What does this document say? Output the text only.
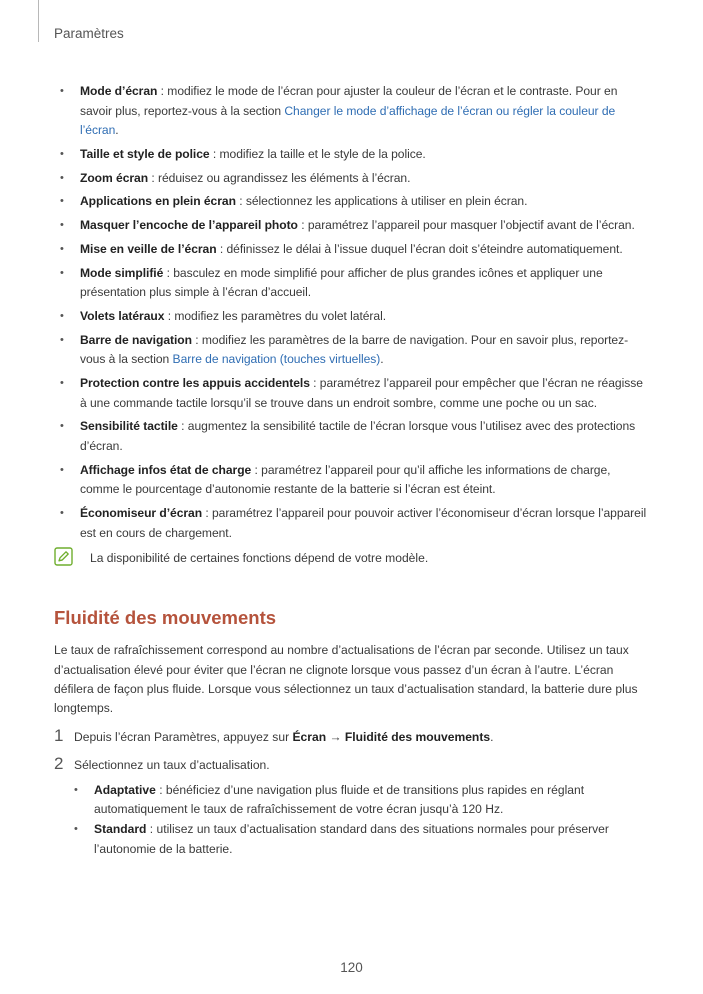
Paramètres
• Mode d’écran : modifiez le mode de l’écran pour ajuster la couleur de l’écran et le contraste. Pour en savoir plus, reportez-vous à la section Changer le mode d’affichage de l’écran ou régler la couleur de l’écran.
• Taille et style de police : modifiez la taille et le style de la police.
• Zoom écran : réduisez ou agrandissez les éléments à l’écran.
• Applications en plein écran : sélectionnez les applications à utiliser en plein écran.
• Masquer l’encoche de l’appareil photo : paramétrez l’appareil pour masquer l’objectif avant de l’écran.
• Mise en veille de l’écran : définissez le délai à l’issue duquel l’écran doit s’éteindre automatiquement.
• Mode simplifié : basculez en mode simplifié pour afficher de plus grandes icônes et appliquer une présentation plus simple à l’écran d’accueil.
• Volets latéraux : modifiez les paramètres du volet latéral.
• Barre de navigation : modifiez les paramètres de la barre de navigation. Pour en savoir plus, reportez-vous à la section Barre de navigation (touches virtuelles).
• Protection contre les appuis accidentels : paramétrez l’appareil pour empêcher que l’écran ne réagisse à une commande tactile lorsqu’il se trouve dans un endroit sombre, comme une poche ou un sac.
• Sensibilité tactile : augmentez la sensibilité tactile de l’écran lorsque vous l’utilisez avec des protections d’écran.
• Affichage infos état de charge : paramétrez l’appareil pour qu’il affiche les informations de charge, comme le pourcentage d’autonomie restante de la batterie si l’écran est éteint.
• Économiseur d’écran : paramétrez l’appareil pour pouvoir activer l’économiseur d’écran lorsque l’appareil est en cours de chargement.
La disponibilité de certaines fonctions dépend de votre modèle.
Fluidité des mouvements

Le taux de rafraîchissement correspond au nombre d’actualisations de l’écran par seconde. Utilisez un taux d’actualisation élevé pour éviter que l’écran ne clignote lorsque vous passez d’un écran à l’autre. L’écran défilera de façon plus fluide. Lorsque vous sélectionnez un taux d’actualisation standard, la batterie dure plus longtemps.

1 Depuis l’écran Paramètres, appuyez sur Écran → Fluidité des mouvements.
2 Sélectionnez un taux d’actualisation.
• Adaptative : bénéficiez d’une navigation plus fluide et de transitions plus rapides en réglant automatiquement le taux de rafraîchissement de votre écran jusqu’à 120 Hz.
• Standard : utilisez un taux d’actualisation standard dans des situations normales pour préserver l’autonomie de la batterie.
120
